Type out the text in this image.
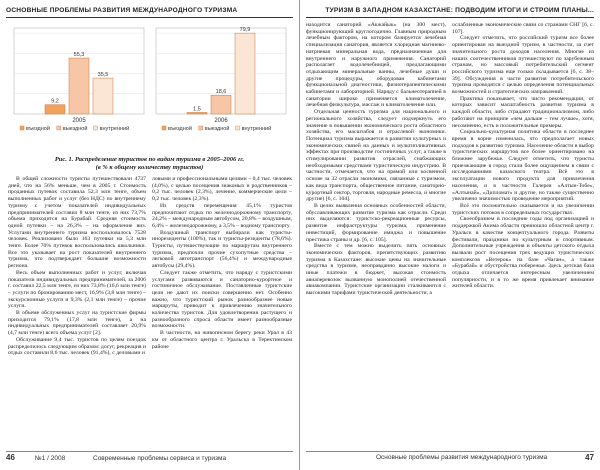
ОСНОВНЫЕ ПРОБЛЕМЫ РАЗВИТИЯ МЕЖДУНАРОДНОГО ТУРИЗМА
9,2
55,3
35,5
2005
въездной выездной внутренний
1,5
18,6
79,9
2006
въездной выездной внутренний
Рис. 1. Распределение туристов по видам туризма в 2005–2006 гг.
(в % к общему количеству туристов)

В общей сложности туристы путешествовали 4737 дней, что на 56% меньше, чем в 2005 г. Стоимость проданных путевок составила 52,3 млн тенге, объем выполненных работ и услуг (без НДС) по внутреннему туризму с учетом показателей индивидуальных предпринимателей составил 8 млн тенге, из них 73,7% объема приходится на Бурабай. Средняя стоимость одной путевки – на 26,3% – на оформление виз. Услугами внутреннего туризма воспользовалось 7528 человек. Реализовано было 163 путевки на 5,3 млн тенге. Более 70% путевок воспользовались школьники. Все это указывает на рост показателей внутреннего туризма, что подтверждает большие возможности региона.

Весь объем выполненных работ и услуг, включая показатели индивидуальных предпринимателей, за 2006 г. составил 22,5 млн тенге, из них 73,8% (16,6 млн тенге) – услуги по бронированию мест, 16,9% (3,8 млн тенге) – экскурсионные услуги и 9,3% (2,1 млн тенге) – прочие услуги.

В объеме обслуженных услуг на туристские фирмы приходится 79,1% (17,8 млн тенге), а на индивидуальных предпринимателей составляет 20,9% (4,7 млн тенге) всего объема услуг [2].

Обслуживание 9,4 тыс. туристов по целям поездок распределилось следующим образом: досуг, рекреация и отдых составили 8,6 тыс. человек (91,4%), с деловыми и

ловыми и профессиональными целями – 0,4 тыс. человек (4,0%), с целью посещения знакомых и родственников – 0,2 тыс. человек (2,3%), лечение, коммерческие цели – 0,2 тыс. человек (2,3%).

Из средств перемещения 45,1% туристов предпочитают отдых по железнодорожному транспорту, 24,2% – международным автобусом, 20,8% – воздушным, 6,4% – железнодорожному, а 3,5% – водному транспорту.

Воздушный транспорт выбирали как туристы-инорезиденты (100%), так и туристы-резиденты (78,6%). Туристы, путешествующие по маршрутам внутреннего туризма, предпочли прочие сухопутные средства – легковой автотранспорт (56,4%) и международные автобусы (29,4%).

Следует также отметить, что наряду с туристскими услугами развиваются и санаторно-курортное и гостиничное обслуживание. Поставленные туристские цели не дают их поиски совершенно нет. Особенно важно, что туристский рынок разнообразнее новые маршруты, приводит к привлечению значительного количества туристов. Для удовлетворения растущего и разнообразного спроса области имеет разнообразные возможности.

В частности, на живописном берегу реки Урал в 43 км от областного центра г. Уральска в Теректинском районе

46	№1 / 2008	Современные проблемы сервиса и туризма
ТУРИЗМ В ЗАПАДНОМ КАЗАХСТАНЕ: ПОДВОДИМ ИТОГИ И СТРОИМ ПЛАНЫ...

находится санаторий «Акжайык» (на 300 мест), функционирующий круглогодично. Главным природным лечебным фактором, на котором базируется лечебная специализация санатория, является хлоридная магниево-натриевая минеральная вода, предназначенная для внутреннего и наружного применения. Санаторий располагает водолечебницей, предлагающими отдыхающим минеральные ванны, лечебные души и другие процедуры, оборудован кабинетами функциональной диагностики, физиотерапевтическими кабинетами и лабораторией. Наряду с бальнеотерапией в санатории широко применяется климатолечение, лечебная физкультура, массаж и климатолечение или.

Отдельная ценность туризма для национального и регионального хозяйства, следует подчеркнуть его значение в повышении экономического роста областного хозяйства, его масштабов и отраслевой экономики. Потенциал туризма выражается в развитии культурных и экономических связей на данных и мультипликативных эффектах при производстве гостиничных услуг, а также в стимулировании развития отраслей, снабжающих необходимыми средствами туристическую индустрию. В частности, отмечается, что на прямой или косвенной основе за 32 отрасли экономики, связанные с туризмом, как вида транспорта, общественное питание, санаторно-курортный сектор, торговля, народные ремесла, и многие другие) [6, с. 104].

В целях выявления основных особенностей области, обуславливающих развитие туризма как отрасли. Среди них выделяются: туристско-рекреационные ресурсы, развитие инфраструктуры туризма, применение инвестиций, формирование имиджа и повышение престижа страны и др. [6, с. 105].

Вместе с тем можно выделить пять основных экономических факторов, препятствующих развитию туризма в Казахстане: высокие цены на значительные средства в туризме, неоправданно высокие налоги и иные платежи в бюджет, высокая стоимость авиаперевозок вызванную монополией отечественной авиакомпании. Туристские организации сталкиваются с высокими тарифами туристической деятельности, а

ослабленные экономические связи со странами СНГ [6, с. 107].

Следует отметить, что российский туризм все более ориентирован на выездной туризм, в частности, за счет значительного роста доходов населения. Многие из наших соотечественников путешествуют по зарубежным странам, но массовый потребительский сегмент российского туризма еще только складывается [6, с. 38–39]. Обсуждения в части развития потребительского туризма проводятся с целью определения потенциальных возможностей и стратегических направлений.

Практика показывает, что чисто рекомендации, от которых зависит масштабность развития туризма в каждой области, либо страдают традиционализмом, либо работают на принципе «чем дальше – тем лучше», хотя, несомненно, есть и положительные примеры.

Социально-культурная политика области в последнее время в корне изменилась, что предполагает новых подходов к развитию туризма. Население области в выбор туристических маршрутов все более ориентировано на ближнее зарубежье. Следует отметить, что туристы приезжающие в город стали более ощущением в связи с исследованиями казахского театра. Всё это в эксплуатации нового продукта для привлечения населения, и в частности Галерея «Алтын-Тобе», «Алтынай», «Дипломат» и другие, но также существенно увеличено значимостью проведение мероприятий.

Всё это положительно сказывается и на увеличении туристских потоков в сопредельных государствах.

Своеобразием в последние годы под организацией и поддержкой Акима области превзошло областной центр г. Уральск в качестве концептуального города. Развиты фестивали, праздники по культурным и спортивным. Дополнительные учреждения и объекты детского отдыха вызвали рост посещения трех ведущих туристических комплексов «Ветерок» на базе «Чаган», а также «Бурабай» и обустройства побережья. Здесь детская база отдыха отличается интересным увеличением популярности, и в то же время привлекает внимание жителей области.

Основные проблемы развития международного туризма	47
